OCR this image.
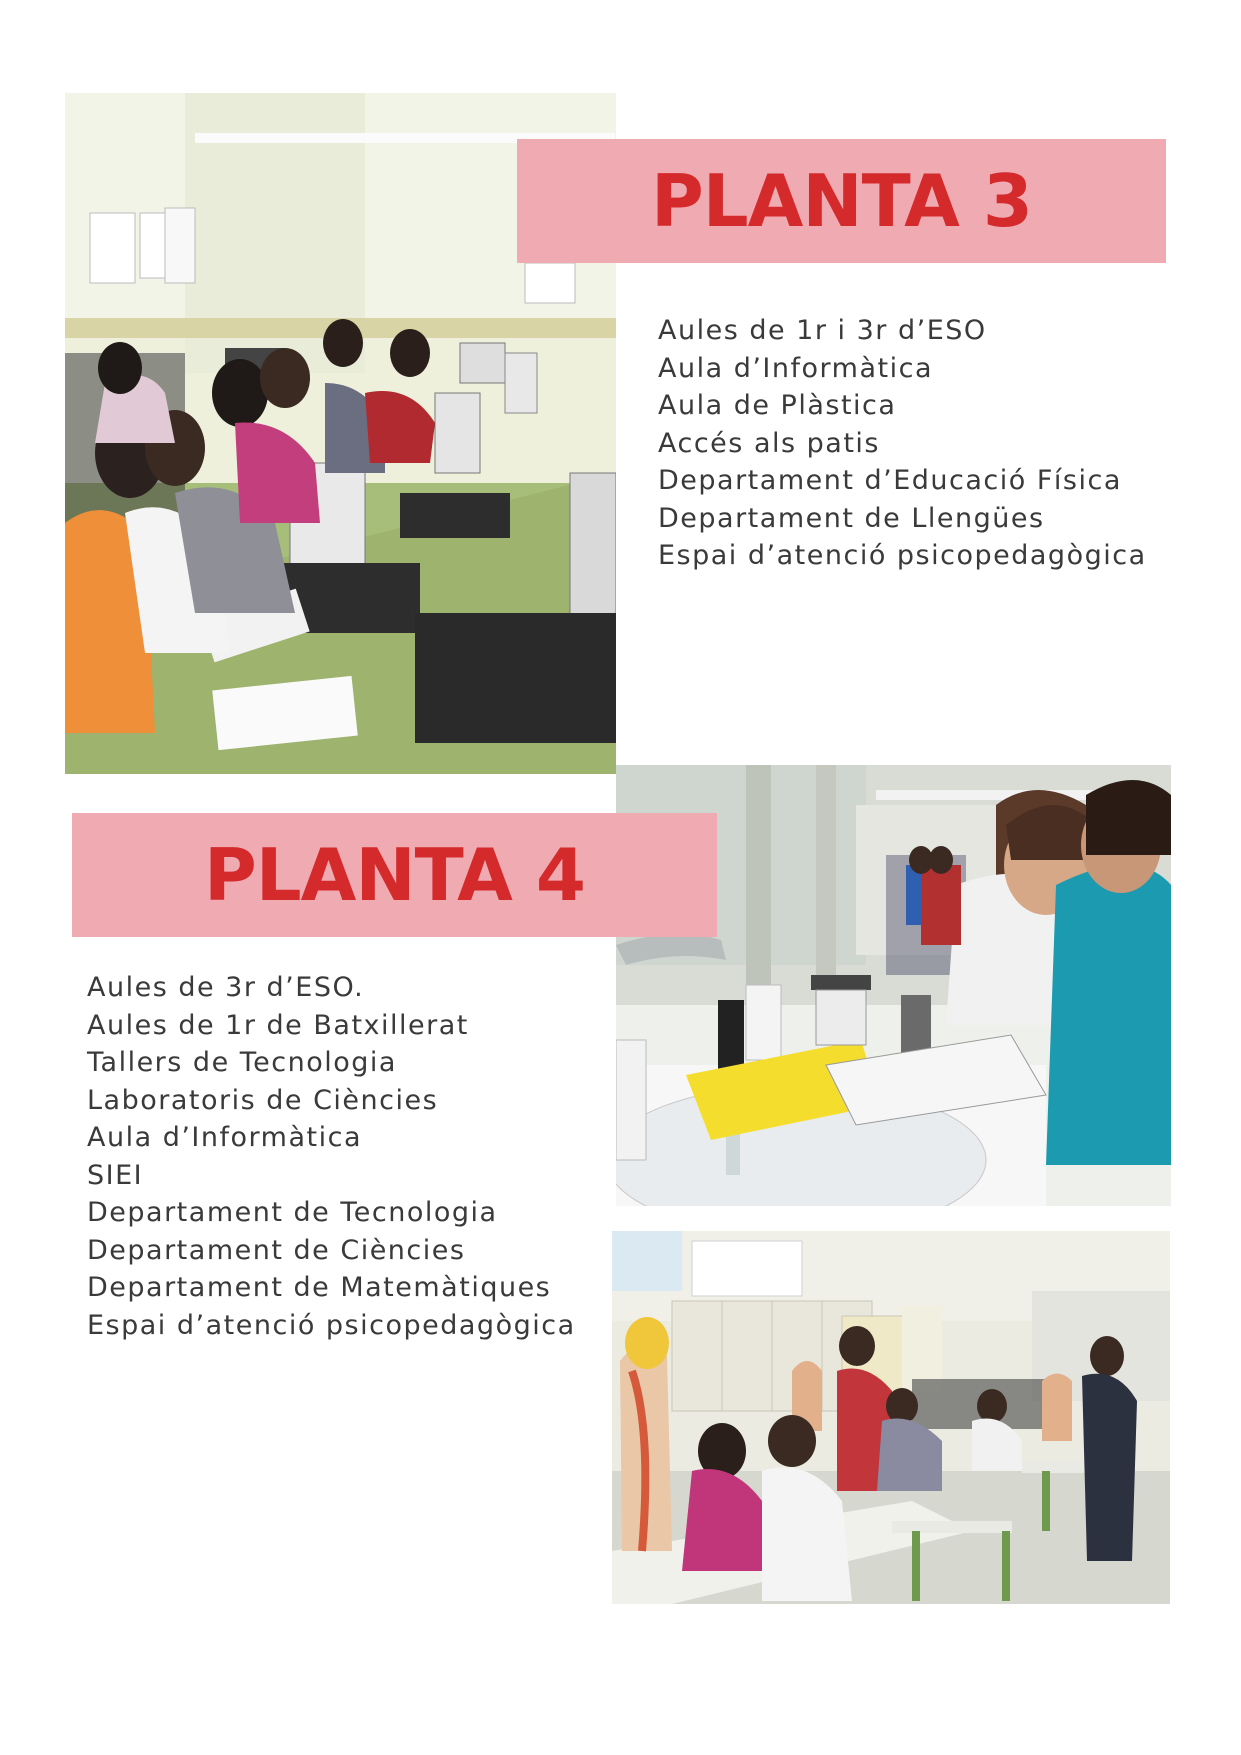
PLANTA 3
Aules de 1r i 3r d’ESO
Aula d’Informàtica
Aula de Plàstica
Accés als patis
Departament d’Educació Física
Departament de Llengües
Espai d’atenció psicopedagògica
PLANTA 4
Aules de 3r d’ESO.
Aules de 1r de Batxillerat
Tallers de Tecnologia
Laboratoris de Ciències
Aula d’Informàtica
SIEI
Departament de Tecnologia
Departament de Ciències
Departament de Matemàtiques
Espai d’atenció psicopedagògica
